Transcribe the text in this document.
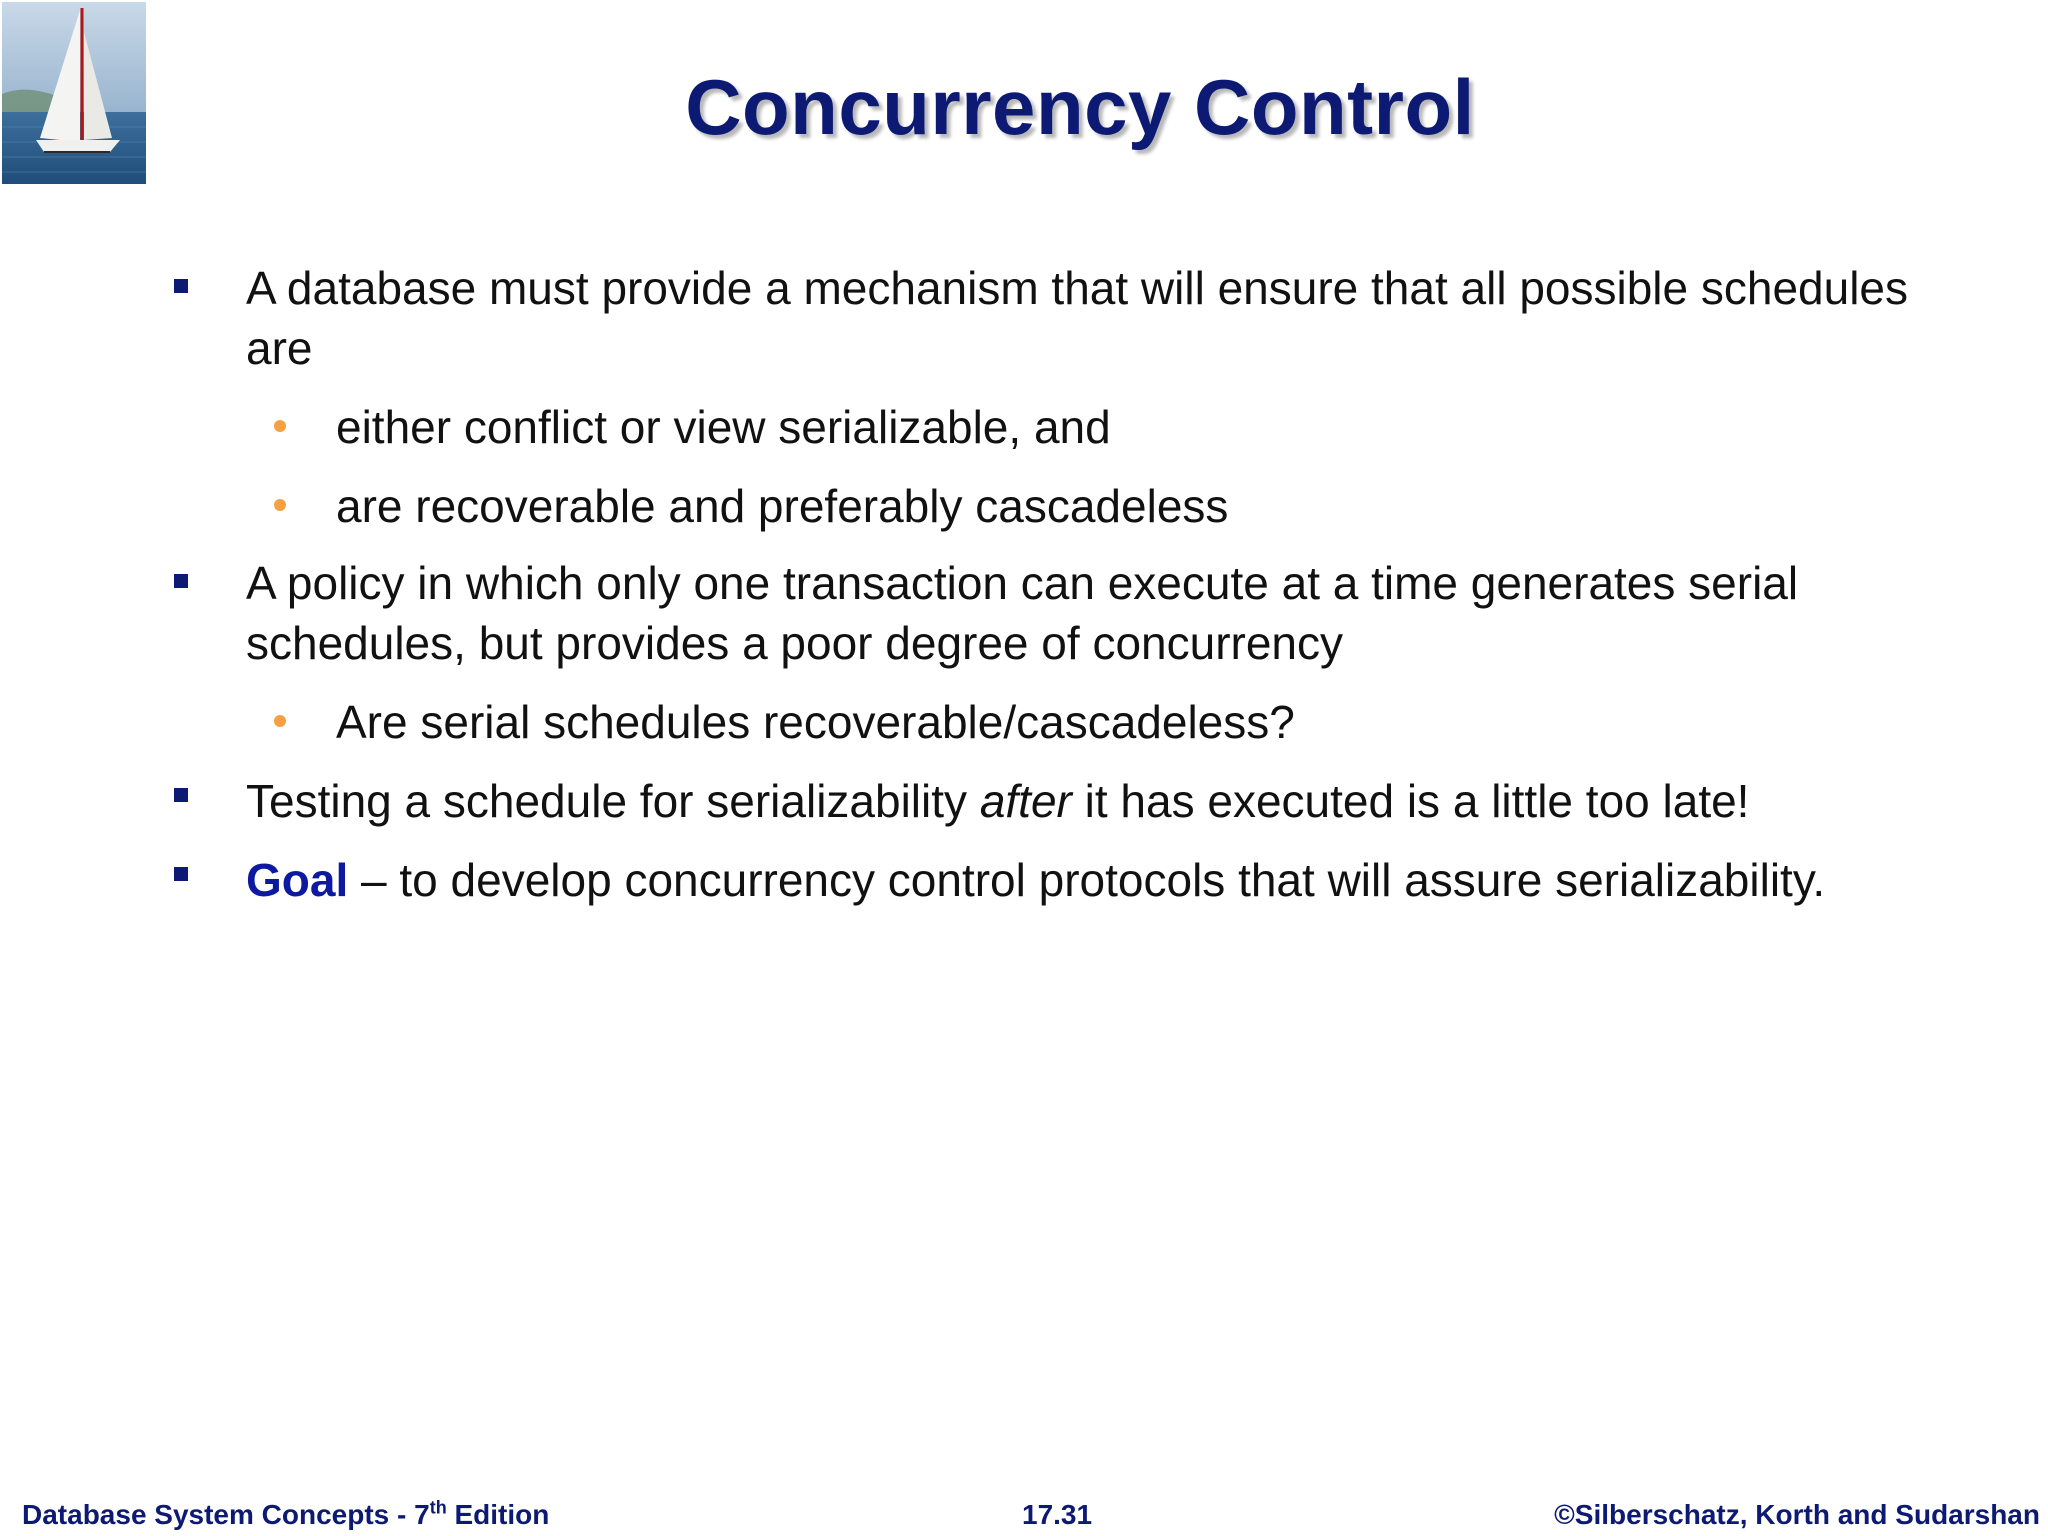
Concurrency Control
A database must provide a mechanism that will ensure that all possible schedules are
either conflict or view serializable, and
are recoverable and preferably cascadeless
A policy in which only one transaction can execute at a time generates serial schedules, but provides a poor degree of concurrency
Are serial schedules recoverable/cascadeless?
Testing a schedule for serializability after it has executed is a little too late!
Goal – to develop concurrency control protocols that will assure serializability.
Database System Concepts - 7th Edition	17.31	©Silberschatz, Korth and Sudarshan
